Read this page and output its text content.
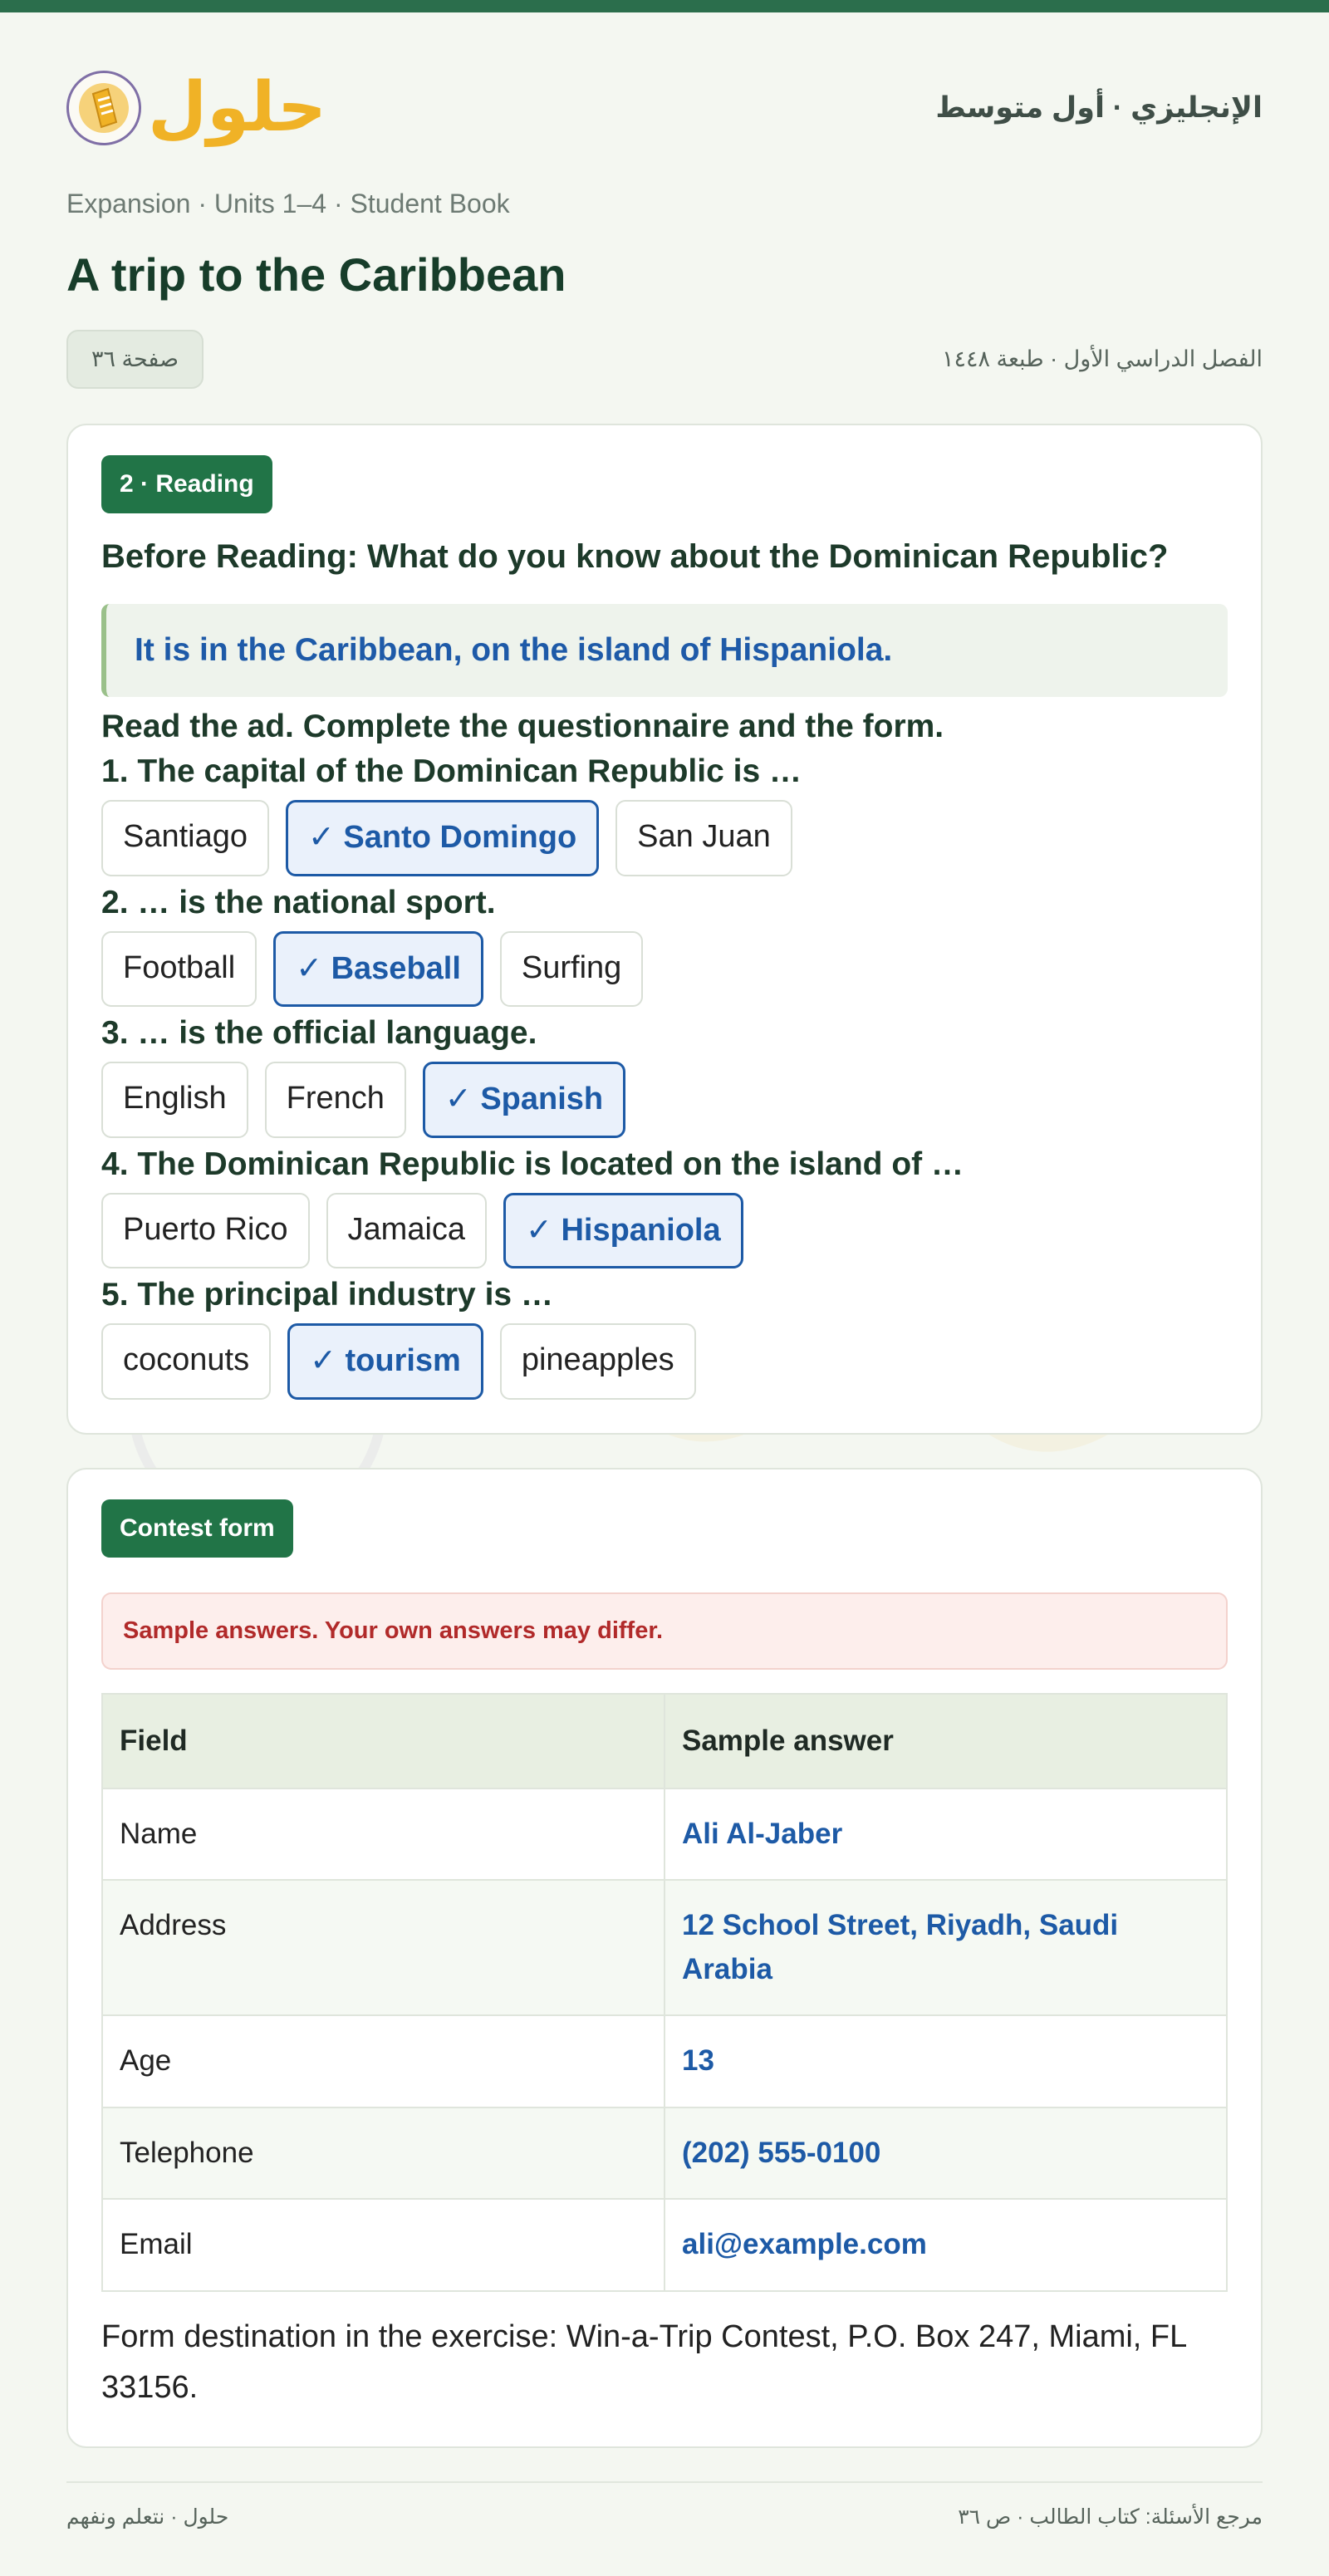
حلول	الإنجليزي · أول متوسط
Expansion · Units 1–4 · Student Book
A trip to the Caribbean
صفحة ٣٦	الفصل الدراسي الأول · طبعة ١٤٤٨
2 · Reading
Before Reading: What do you know about the Dominican Republic?
It is in the Caribbean, on the island of Hispaniola.
Read the ad. Complete the questionnaire and the form.
1. The capital of the Dominican Republic is …
Santiago	✓ Santo Domingo	San Juan
2. … is the national sport.
Football	✓ Baseball	Surfing
3. … is the official language.
English	French	✓ Spanish
4. The Dominican Republic is located on the island of …
Puerto Rico	Jamaica	✓ Hispaniola
5. The principal industry is …
coconuts	✓ tourism	pineapples
Contest form
Sample answers. Your own answers may differ.
Field	Sample answer
Name	Ali Al-Jaber
Address	12 School Street, Riyadh, Saudi Arabia
Age	13
Telephone	(202) 555-0100
Email	ali@example.com
Form destination in the exercise: Win-a-Trip Contest, P.O. Box 247, Miami, FL 33156.
حلول · نتعلم ونفهم	مرجع الأسئلة: كتاب الطالب · ص ٣٦
